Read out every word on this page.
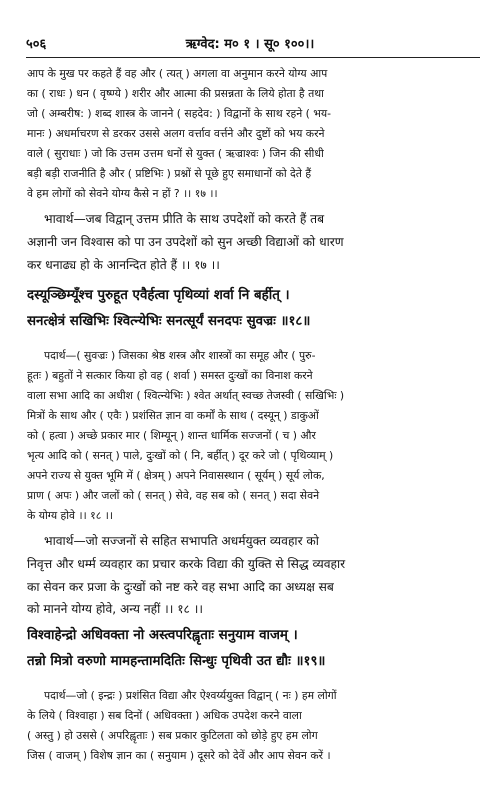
५०६	ऋग्वेद: म० १ । सू० १००।।
आप के मुख पर कहते हैं वह और ( त्यत् ) अगला वा अनुमान करने योग्य आप
का ( राधः ) धन ( वृष्ण्ये ) शरीर और आत्मा की प्रसन्नता के लिये होता है तथा
जो ( अम्बरीष: ) शब्द शास्त्र के जानने ( सहदेव: ) विद्वानों के साथ रहने ( भय-
मानः ) अधर्माचरण से डरकर उससे अलग वर्त्ताव वर्त्तने और दुष्टों को भय करने
वाले ( सुराधाः ) जो कि उत्तम उत्तम धनों से युक्त ( ऋज्राश्वः ) जिन की सीधी
बड़ी बड़ी राजनीति है और ( प्रष्टिभिः ) प्रश्नों से पूछे हुए समाधानों को देते हैं
वे हम लोगों को सेवने योग्य कैसे न हों ? ।। १७ ।।
भावार्थ—जब विद्वान् उत्तम प्रीति के साथ उपदेशों को करते हैं तब
अज्ञानी जन विश्वास को पा उन उपदेशों को सुन अच्छी विद्याओं को धारण
कर धनाढ्य हो के आनन्दित होते हैं ।। १७ ।।
दस्यूञ्छिम्यूँश्च पुरुहूत एवैर्हत्वा पृथिव्यां शर्वा नि बर्हीत् ।
सनत्क्षेत्रं सखिभिः श्वित्न्येभिः सनत्सूर्यं सनदपः सुवज्रः ॥१८॥
पदार्थ—( सुवज्रः ) जिसका श्रेष्ठ शस्त्र और शास्त्रों का समूह और ( पुरु-
हूतः ) बहुतों ने सत्कार किया हो वह ( शर्वा ) समस्त दुःखों का विनाश करने
वाला सभा आदि का अधीश ( श्वित्न्येभिः ) श्वेत अर्थात् स्वच्छ तेजस्वी ( सखिभिः )
मित्रों के साथ और ( एवैः ) प्रशंसित ज्ञान वा कर्मों के साथ ( दस्यून् ) डाकुओं
को ( हत्वा ) अच्छे प्रकार मार ( शिम्यून् ) शान्त धार्मिक सज्जनों ( च ) और
भृत्य आदि को ( सनत् ) पाले, दुःखों को ( नि, बर्हीत् ) दूर करे जो ( पृथिव्याम् )
अपने राज्य से युक्त भूमि में ( क्षेत्रम् ) अपने निवासस्थान ( सूर्यम् ) सूर्य लोक,
प्राण ( अपः ) और जलों को ( सनत् ) सेवे, वह सब को ( सनत् ) सदा सेवने
के योग्य होवे ।। १८ ।।
भावार्थ—जो सज्जनों से सहित सभापति अधर्मयुक्त व्यवहार को
निवृत्त और धर्म्म व्यवहार का प्रचार करके विद्या की युक्ति से सिद्ध व्यवहार
का सेवन कर प्रजा के दुःखों को नष्ट करे वह सभा आदि का अध्यक्ष सब
को मानने योग्य होवे, अन्य नहीं ।। १८ ।।
विश्वाहेन्द्रो अधिवक्ता नो अस्त्वपरिह्वृताः सनुयाम वाजम् ।
तन्नो मित्रो वरुणो मामहन्तामदितिः सिन्धुः पृथिवी उत द्यौः ॥१९॥
पदार्थ—जो ( इन्द्रः ) प्रशंसित विद्या और ऐश्वर्य्ययुक्त विद्वान् ( नः ) हम लोगों
के लिये ( विश्वाहा ) सब दिनों ( अधिवक्ता ) अधिक उपदेश करने वाला
( अस्तु ) हो उससे ( अपरिह्वृताः ) सब प्रकार कुटिलता को छोड़े हुए हम लोग
जिस ( वाजम् ) विशेष ज्ञान का ( सनुयाम ) दूसरे को देवें और आप सेवन करें ।
